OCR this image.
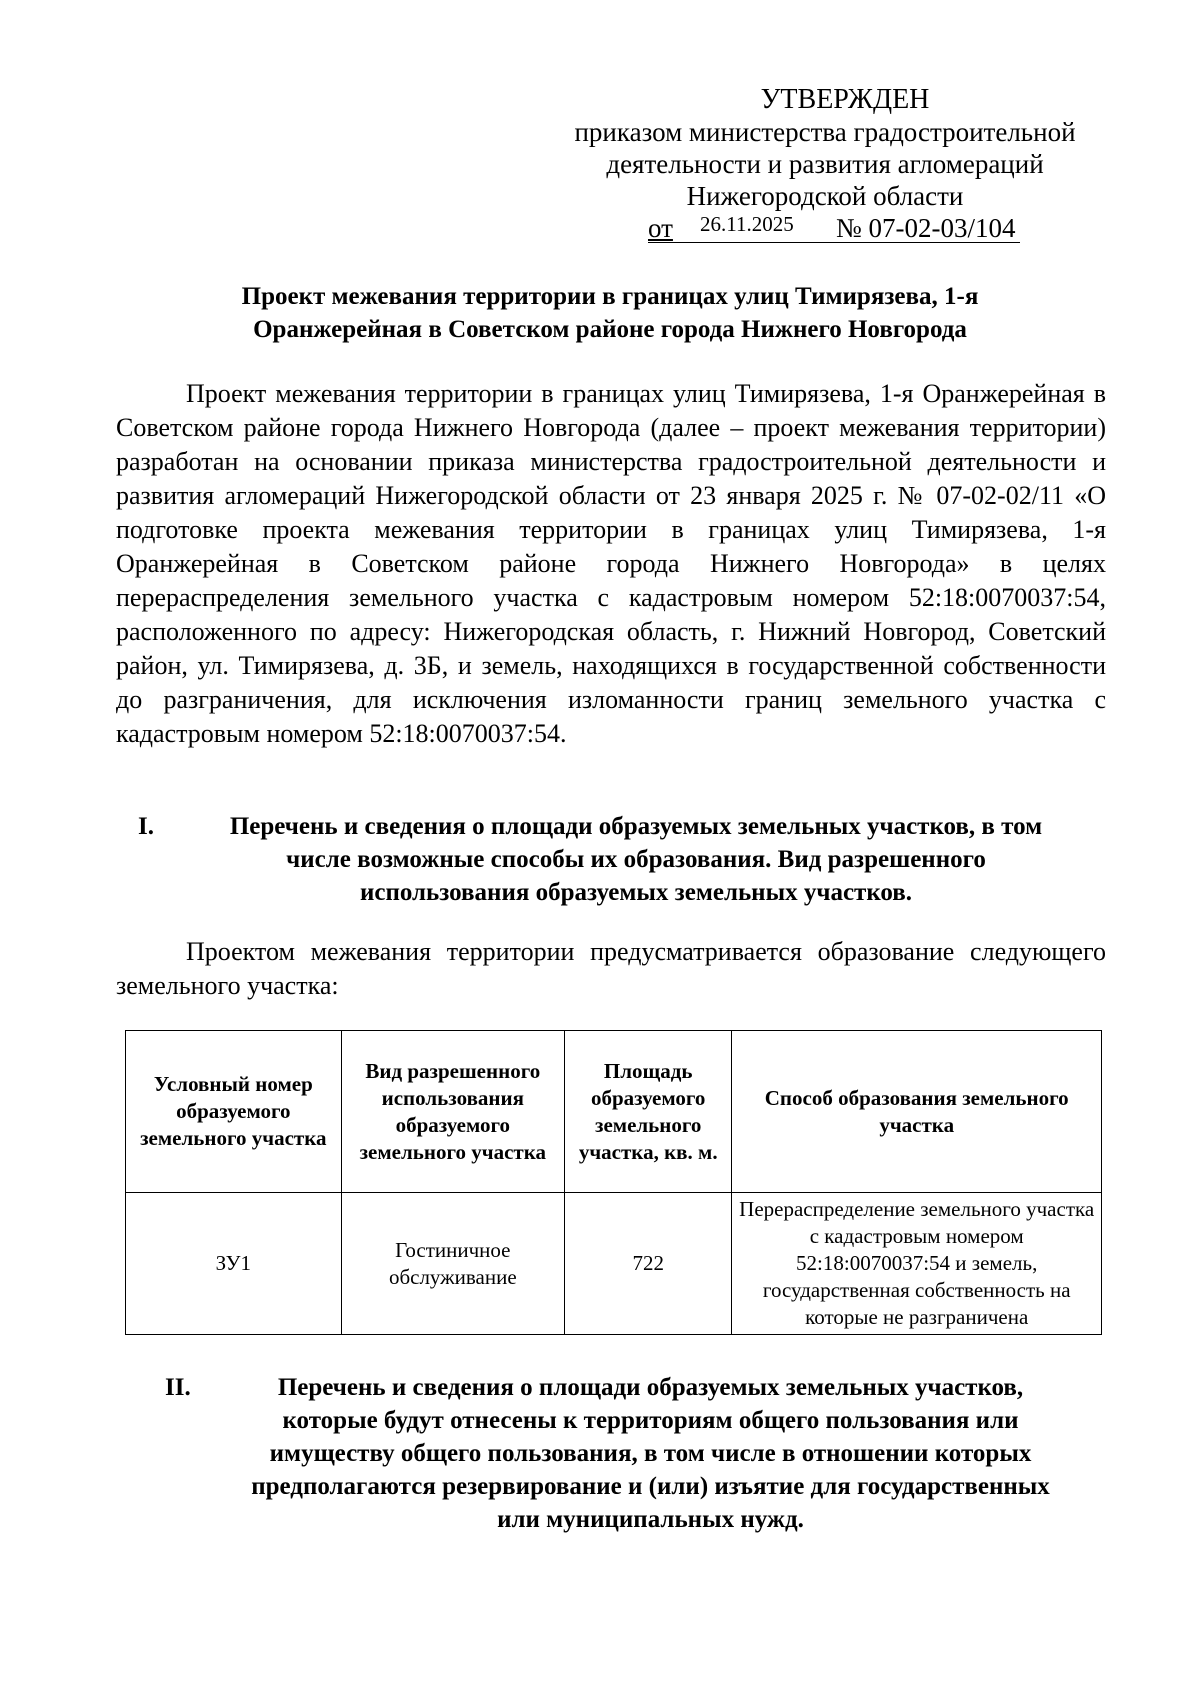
УТВЕРЖДЕН
приказом министерства градостроительной
деятельности и развития агломераций
Нижегородской области
от 26.11.2025 № 07-02-03/104
Проект межевания территории в границах улиц Тимирязева, 1-я
Оранжерейная в Советском районе города Нижнего Новгорода
Проект межевания территории в границах улиц Тимирязева, 1-я Оранжерейная в Советском районе города Нижнего Новгорода (далее – проект межевания территории) разработан на основании приказа министерства градостроительной деятельности и развития агломераций Нижегородской области от 23 января 2025 г. № 07-02-02/11 «О подготовке проекта межевания территории в границах улиц Тимирязева, 1-я Оранжерейная в Советском районе города Нижнего Новгорода» в целях перераспределения земельного участка с кадастровым номером 52:18:0070037:54, расположенного по адресу: Нижегородская область, г. Нижний Новгород, Советский район, ул. Тимирязева, д. 3Б, и земель, находящихся в государственной собственности до разграничения, для исключения изломанности границ земельного участка с кадастровым номером 52:18:0070037:54.
I.	Перечень и сведения о площади образуемых земельных участков, в том
числе возможные способы их образования. Вид разрешенного
использования образуемых земельных участков.
Проектом межевания территории предусматривается образование следующего земельного участка:
Условный номер образуемого земельного участка	Вид разрешенного использования образуемого земельного участка	Площадь образуемого земельного участка, кв. м.	Способ образования земельного участка
ЗУ1	Гостиничное обслуживание	722	Перераспределение земельного участка с кадастровым номером 52:18:0070037:54 и земель, государственная собственность на которые не разграничена
II.	Перечень и сведения о площади образуемых земельных участков,
которые будут отнесены к территориям общего пользования или
имуществу общего пользования, в том числе в отношении которых
предполагаются резервирование и (или) изъятие для государственных
или муниципальных нужд.
